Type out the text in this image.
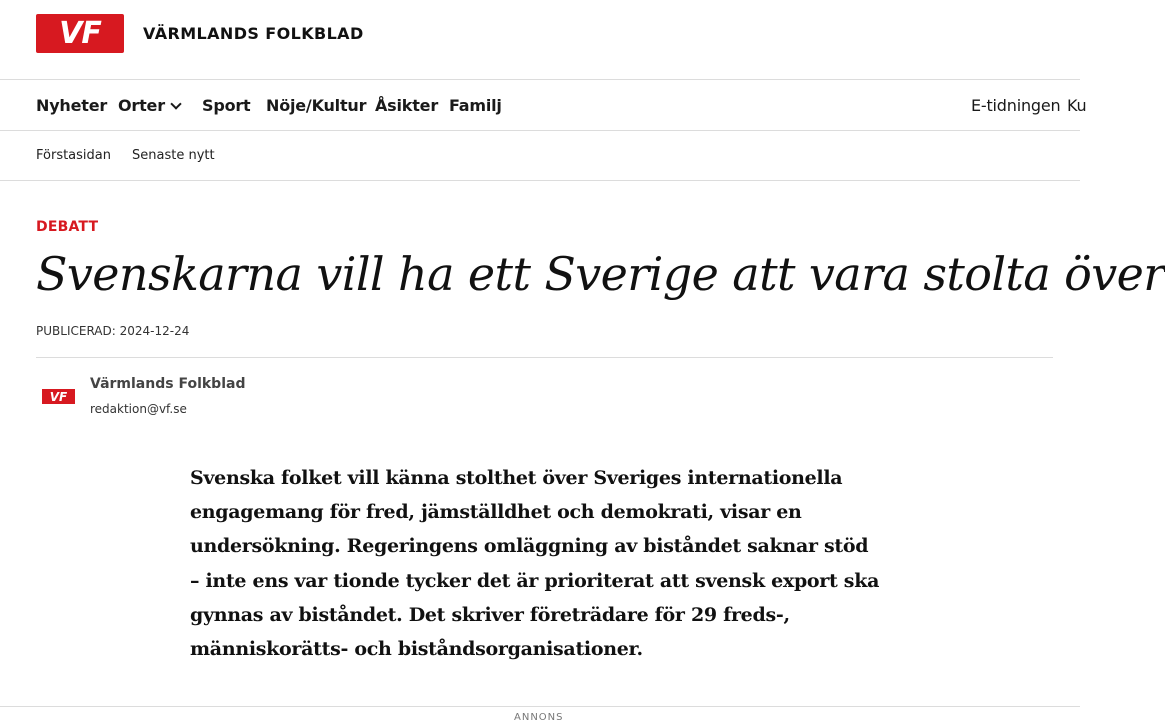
VF	VÄRMLANDS FOLKBLAD
Nyheter Orter	Sport Nöje/Kultur Åsikter Familj	E-tidningen Ku
Förstasidan Senaste nytt
DEBATT
Svenskarna vill ha ett Sverige att vara stolta över
PUBLICERAD: 2024-12-24
VF
Värmlands Folkblad
redaktion@vf.se

Svenska folket vill känna stolthet över Sveriges internationella engagemang för fred, jämställdhet och demokrati, visar en undersökning. Regeringens omläggning av biståndet saknar stöd – inte ens var tionde tycker det är prioriterat att svensk export ska gynnas av biståndet. Det skriver företrädare för 29 freds-, människorätts- och biståndsorganisationer.

ANNONS
